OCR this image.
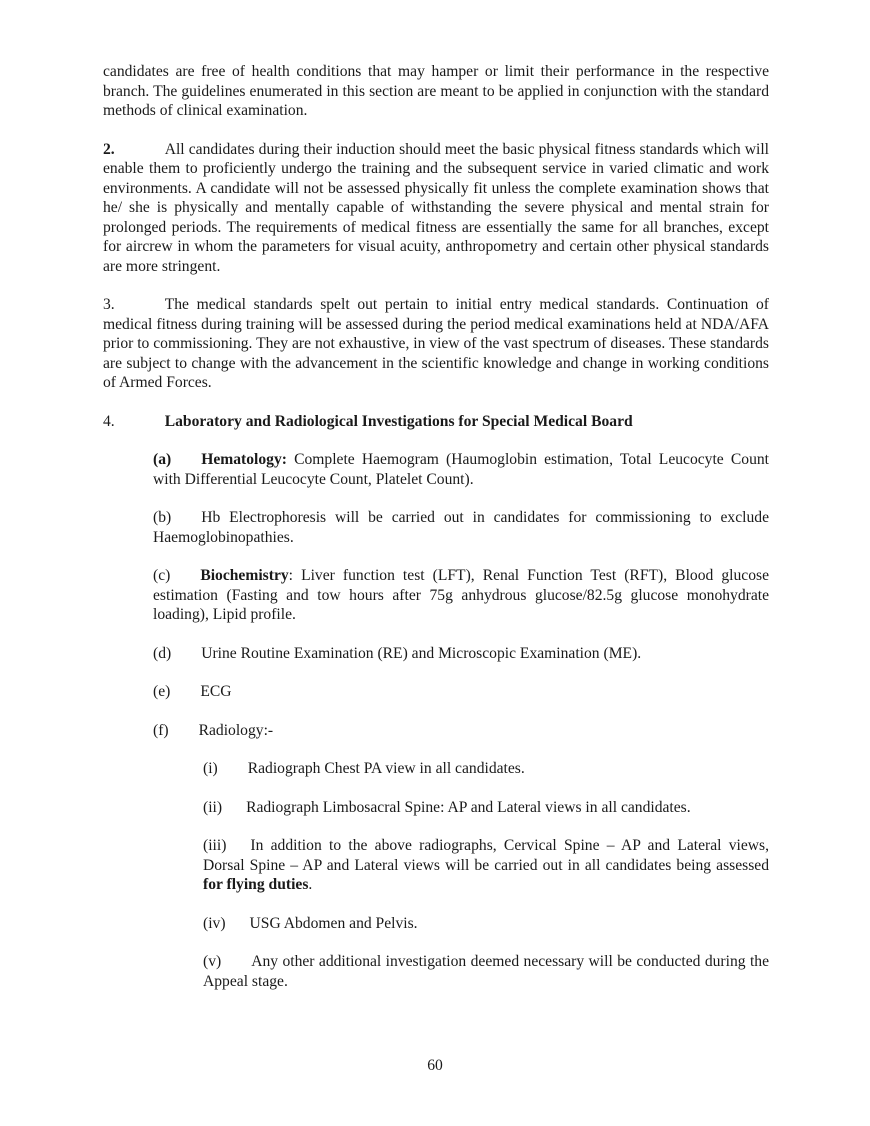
candidates are free of health conditions that may hamper or limit their performance in the respective branch. The guidelines enumerated in this section are meant to be applied in conjunction with the standard methods of clinical examination.

2.	All candidates during their induction should meet the basic physical fitness standards which will enable them to proficiently undergo the training and the subsequent service in varied climatic and work environments. A candidate will not be assessed physically fit unless the complete examination shows that he/ she is physically and mentally capable of withstanding the severe physical and mental strain for prolonged periods. The requirements of medical fitness are essentially the same for all branches, except for aircrew in whom the parameters for visual acuity, anthropometry and certain other physical standards are more stringent.

3.	The medical standards spelt out pertain to initial entry medical standards. Continuation of medical fitness during training will be assessed during the period medical examinations held at NDA/AFA prior to commissioning. They are not exhaustive, in view of the vast spectrum of diseases. These standards are subject to change with the advancement in the scientific knowledge and change in working conditions of Armed Forces.

4.	Laboratory and Radiological Investigations for Special Medical Board

(a) Hematology: Complete Haemogram (Haumoglobin estimation, Total Leucocyte Count with Differential Leucocyte Count, Platelet Count).

(b) Hb Electrophoresis will be carried out in candidates for commissioning to exclude Haemoglobinopathies.

(c) Biochemistry: Liver function test (LFT), Renal Function Test (RFT), Blood glucose estimation (Fasting and tow hours after 75g anhydrous glucose/82.5g glucose monohydrate loading), Lipid profile.

(d) Urine Routine Examination (RE) and Microscopic Examination (ME).

(e) ECG

(f) Radiology:-

(i) Radiograph Chest PA view in all candidates.

(ii) Radiograph Limbosacral Spine: AP and Lateral views in all candidates.

(iii) In addition to the above radiographs, Cervical Spine – AP and Lateral views, Dorsal Spine – AP and Lateral views will be carried out in all candidates being assessed for flying duties.

(iv) USG Abdomen and Pelvis.

(v) Any other additional investigation deemed necessary will be conducted during the Appeal stage.

60
